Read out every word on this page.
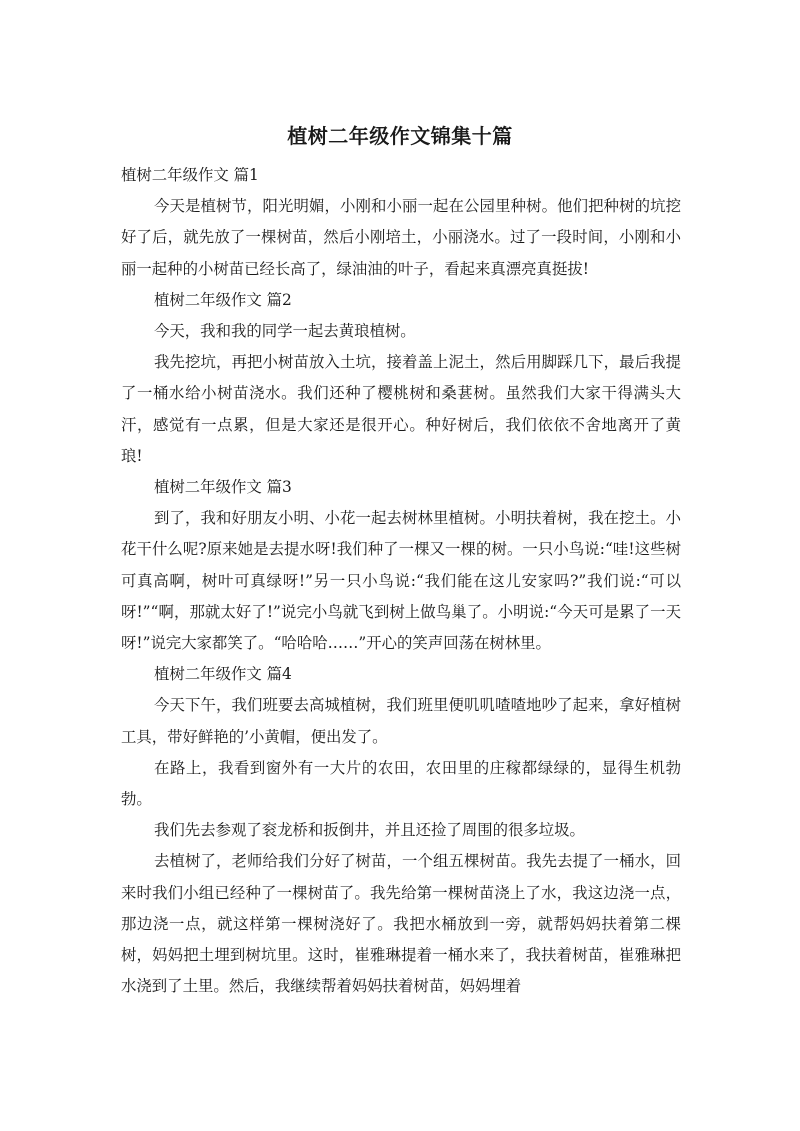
植树二年级作文锦集十篇

植树二年级作文 篇1

今天是植树节，阳光明媚，小刚和小丽一起在公园里种树。他们把种树的坑挖好了后，就先放了一棵树苗，然后小刚培土，小丽浇水。过了一段时间，小刚和小丽一起种的小树苗已经长高了，绿油油的叶子，看起来真漂亮真挺拔!

植树二年级作文 篇2

今天，我和我的同学一起去黄琅植树。

我先挖坑，再把小树苗放入土坑，接着盖上泥土，然后用脚踩几下，最后我提了一桶水给小树苗浇水。我们还种了樱桃树和桑葚树。虽然我们大家干得满头大汗，感觉有一点累，但是大家还是很开心。种好树后，我们依依不舍地离开了黄琅!

植树二年级作文 篇3

到了，我和好朋友小明、小花一起去树林里植树。小明扶着树，我在挖土。小花干什么呢?原来她是去提水呀!我们种了一棵又一棵的树。一只小鸟说:“哇!这些树可真高啊，树叶可真绿呀!”另一只小鸟说:“我们能在这儿安家吗?”我们说:“可以呀!”“啊，那就太好了!”说完小鸟就飞到树上做鸟巢了。小明说:“今天可是累了一天呀!”说完大家都笑了。“哈哈哈……”开心的笑声回荡在树林里。

植树二年级作文 篇4

今天下午，我们班要去高城植树，我们班里便叽叽喳喳地吵了起来，拿好植树工具，带好鲜艳的’小黄帽，便出发了。

在路上，我看到窗外有一大片的农田，农田里的庄稼都绿绿的，显得生机勃勃。

我们先去参观了衮龙桥和扳倒井，并且还捡了周围的很多垃圾。

去植树了，老师给我们分好了树苗，一个组五棵树苗。我先去提了一桶水，回来时我们小组已经种了一棵树苗了。我先给第一棵树苗浇上了水，我这边浇一点，那边浇一点，就这样第一棵树浇好了。我把水桶放到一旁，就帮妈妈扶着第二棵树，妈妈把土埋到树坑里。这时，崔雅琳提着一桶水来了，我扶着树苗，崔雅琳把水浇到了土里。然后，我继续帮着妈妈扶着树苗，妈妈埋着
